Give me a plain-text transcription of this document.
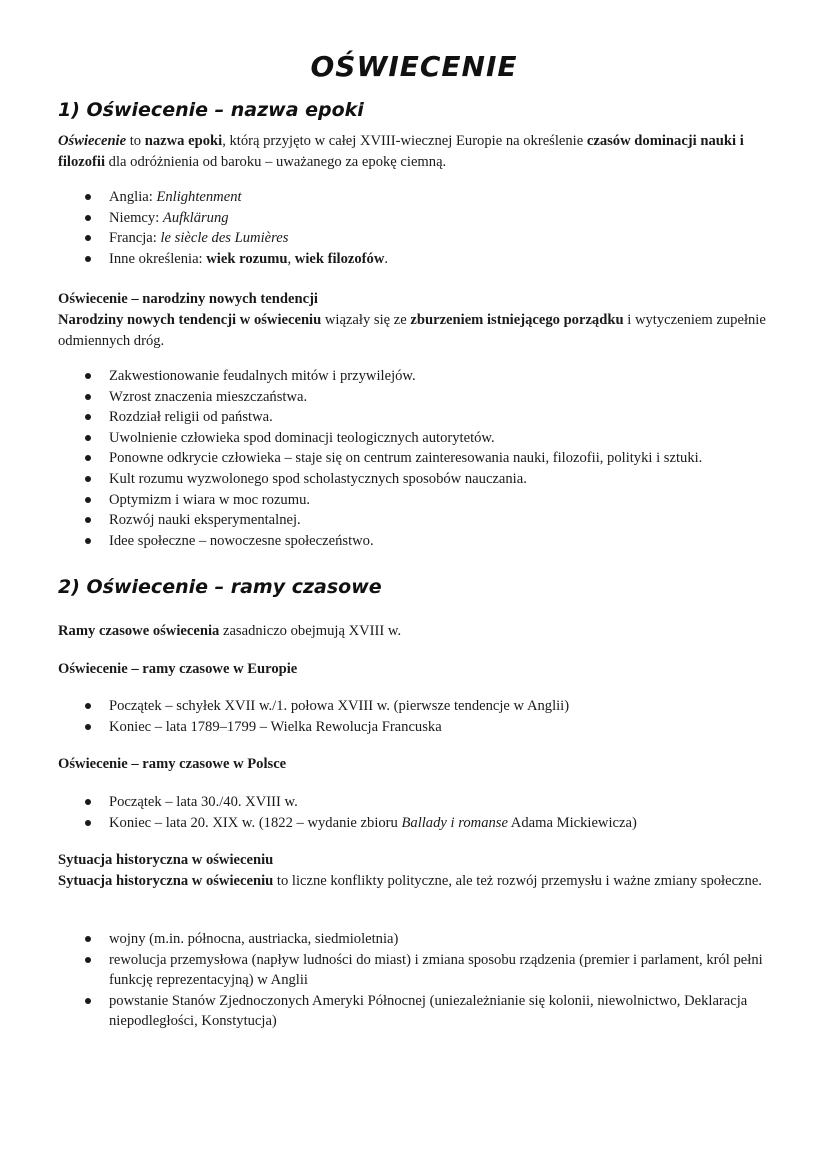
OŚWIECENIE
1) Oświecenie – nazwa epoki

Oświecenie to nazwa epoki, którą przyjęto w całej XVIII-wiecznej Europie na określenie czasów dominacji nauki i filozofii dla odróżnienia od baroku – uważanego za epokę ciemną.

Anglia: Enlightenment
Niemcy: Aufklärung
Francja: le siècle des Lumières
Inne określenia: wiek rozumu, wiek filozofów.

Oświecenie – narodziny nowych tendencji

Narodziny nowych tendencji w oświeceniu wiązały się ze zburzeniem istniejącego porządku i wytyczeniem zupełnie odmiennych dróg.

Zakwestionowanie feudalnych mitów i przywilejów.
Wzrost znaczenia mieszczaństwa.
Rozdział religii od państwa.
Uwolnienie człowieka spod dominacji teologicznych autorytetów.
Ponowne odkrycie człowieka – staje się on centrum zainteresowania nauki, filozofii, polityki i sztuki.
Kult rozumu wyzwolonego spod scholastycznych sposobów nauczania.
Optymizm i wiara w moc rozumu.
Rozwój nauki eksperymentalnej.
Idee społeczne – nowoczesne społeczeństwo.
2) Oświecenie – ramy czasowe

Ramy czasowe oświecenia zasadniczo obejmują XVIII w.

Oświecenie – ramy czasowe w Europie

Początek – schyłek XVII w./1. połowa XVIII w. (pierwsze tendencje w Anglii)
Koniec – lata 1789–1799 – Wielka Rewolucja Francuska

Oświecenie – ramy czasowe w Polsce

Początek – lata 30./40. XVIII w.
Koniec – lata 20. XIX w. (1822 – wydanie zbioru Ballady i romanse Adama Mickiewicza)

Sytuacja historyczna w oświeceniu

Sytuacja historyczna w oświeceniu to liczne konflikty polityczne, ale też rozwój przemysłu i ważne zmiany społeczne.

wojny (m.in. północna, austriacka, siedmioletnia)
rewolucja przemysłowa (napływ ludności do miast) i zmiana sposobu rządzenia (premier i parlament, król pełni funkcję reprezentacyjną) w Anglii
powstanie Stanów Zjednoczonych Ameryki Północnej (uniezależnianie się kolonii, niewolnictwo, Deklaracja niepodległości, Konstytucja)
